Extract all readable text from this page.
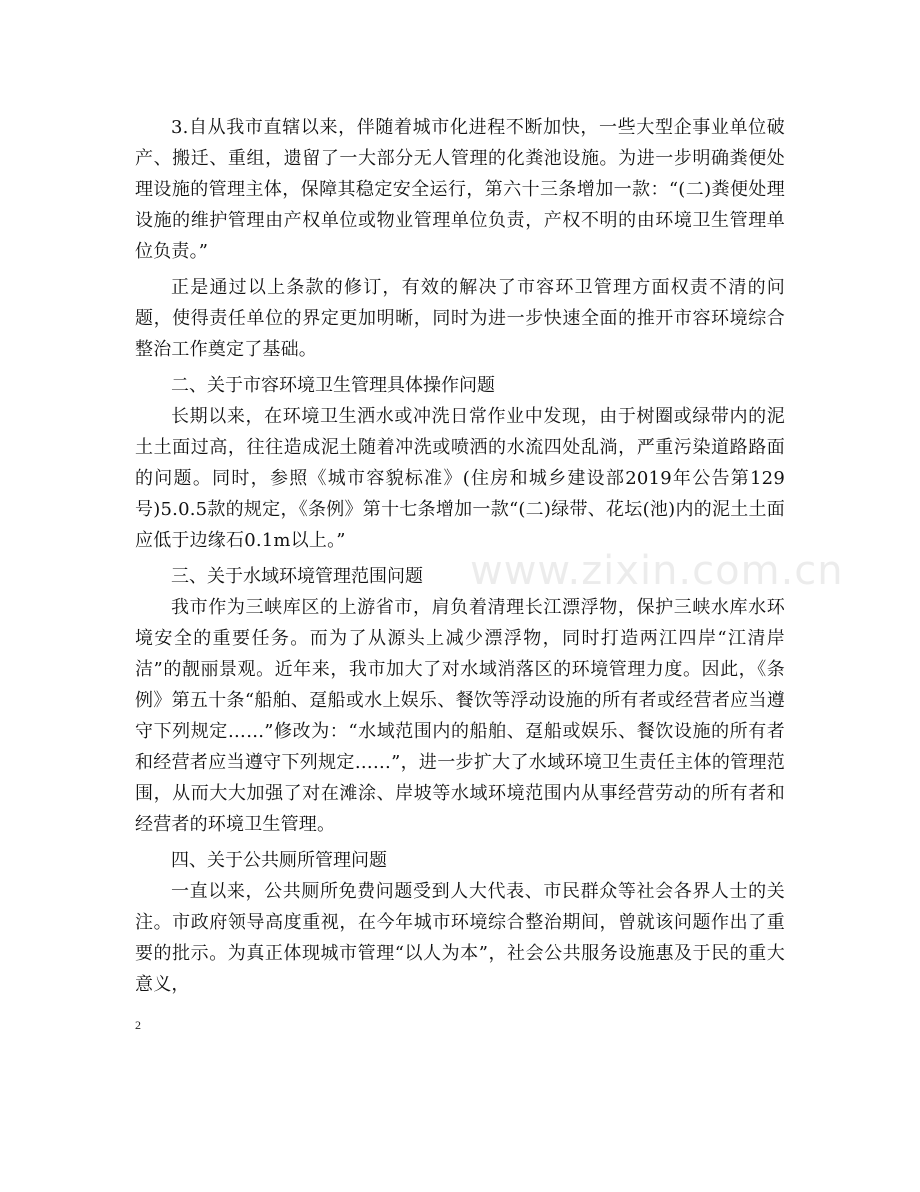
3.自从我市直辖以来，伴随着城市化进程不断加快，一些大型企事业单位破产、搬迁、重组，遗留了一大部分无人管理的化粪池设施。为进一步明确粪便处理设施的管理主体，保障其稳定安全运行，第六十三条增加一款：“(二)粪便处理设施的维护管理由产权单位或物业管理单位负责，产权不明的由环境卫生管理单位负责。”

正是通过以上条款的修订，有效的解决了市容环卫管理方面权责不清的问题，使得责任单位的界定更加明晰，同时为进一步快速全面的推开市容环境综合整治工作奠定了基础。

二、关于市容环境卫生管理具体操作问题

长期以来，在环境卫生洒水或冲洗日常作业中发现，由于树圈或绿带内的泥土土面过高，往往造成泥土随着冲洗或喷洒的水流四处乱淌，严重污染道路路面的问题。同时，参照《城市容貌标准》(住房和城乡建设部2019年公告第129号)5.0.5款的规定，《条例》第十七条增加一款“(二)绿带、花坛(池)内的泥土土面应低于边缘石0.1m以上。”

三、关于水域环境管理范围问题

我市作为三峡库区的上游省市，肩负着清理长江漂浮物，保护三峡水库水环境安全的重要任务。而为了从源头上减少漂浮物，同时打造两江四岸“江清岸洁”的靓丽景观。近年来，我市加大了对水域消落区的环境管理力度。因此，《条例》第五十条“船舶、趸船或水上娱乐、餐饮等浮动设施的所有者或经营者应当遵守下列规定……”修改为：“水域范围内的船舶、趸船或娱乐、餐饮设施的所有者和经营者应当遵守下列规定……”，进一步扩大了水域环境卫生责任主体的管理范围，从而大大加强了对在滩涂、岸坡等水域环境范围内从事经营劳动的所有者和经营者的环境卫生管理。

四、关于公共厕所管理问题

一直以来，公共厕所免费问题受到人大代表、市民群众等社会各界人士的关注。市政府领导高度重视，在今年城市环境综合整治期间，曾就该问题作出了重要的批示。为真正体现城市管理“以人为本”，社会公共服务设施惠及于民的重大意义，

www.zixin.com.cn
2
